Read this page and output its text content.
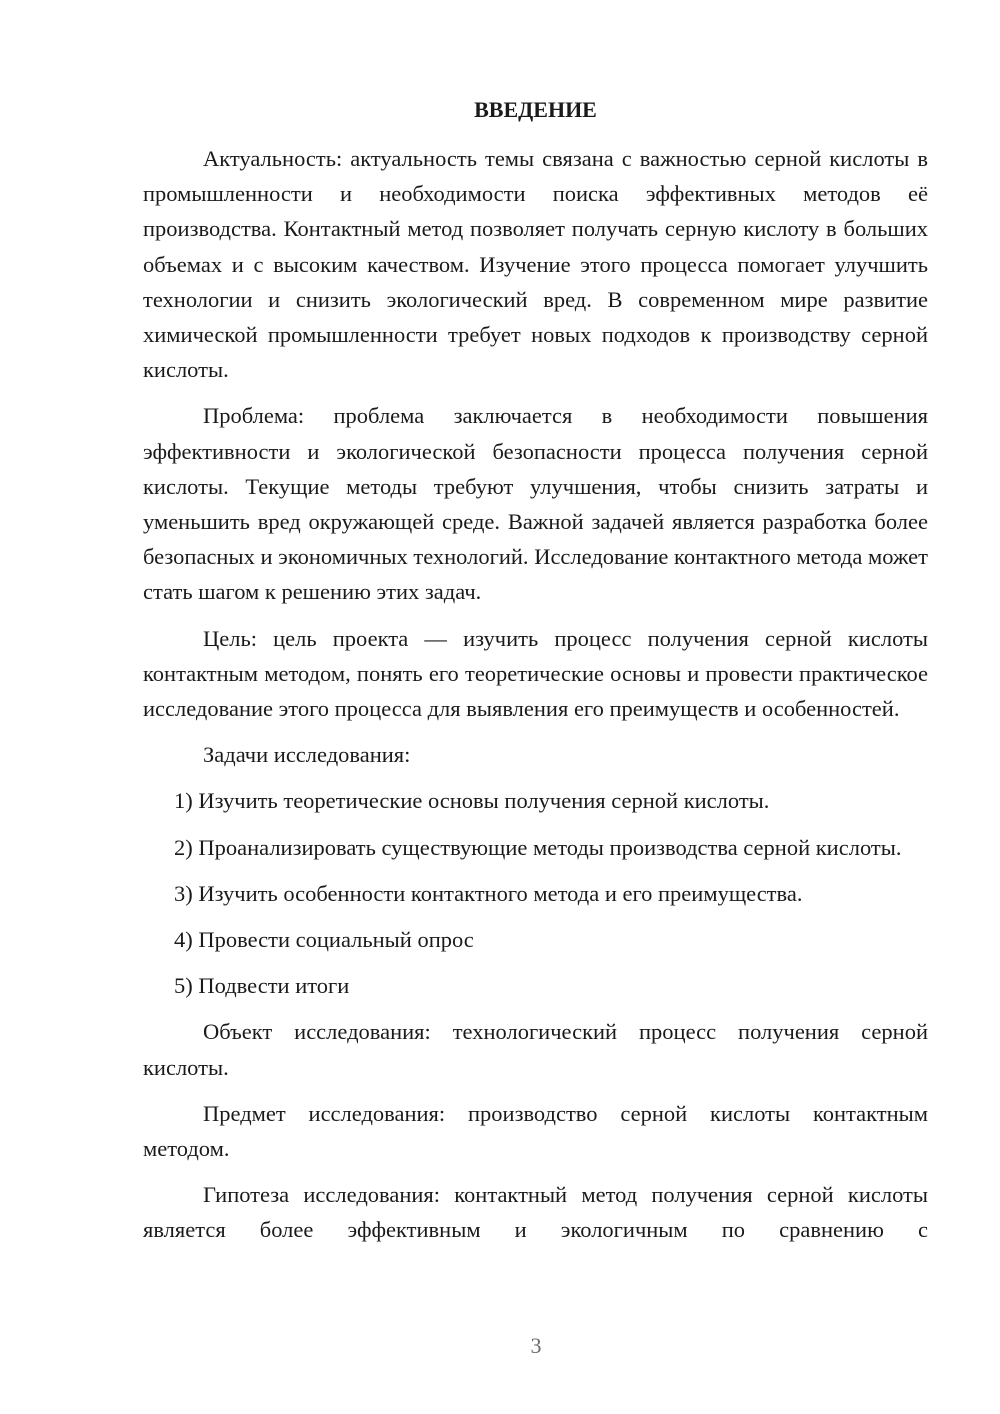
ВВЕДЕНИЕ

Актуальность: актуальность темы связана с важностью серной кислоты в промышленности и необходимости поиска эффективных методов её производства. Контактный метод позволяет получать серную кислоту в больших объемах и с высоким качеством. Изучение этого процесса помогает улучшить технологии и снизить экологический вред. В современном мире развитие химической промышленности требует новых подходов к производству серной кислоты.

Проблема: проблема заключается в необходимости повышения эффективности и экологической безопасности процесса получения серной кислоты. Текущие методы требуют улучшения, чтобы снизить затраты и уменьшить вред окружающей среде. Важной задачей является разработка более безопасных и экономичных технологий. Исследование контактного метода может стать шагом к решению этих задач.

Цель: цель проекта — изучить процесс получения серной кислоты контактным методом, понять его теоретические основы и провести практическое исследование этого процесса для выявления его преимуществ и особенностей.

Задачи исследования:

1) Изучить теоретические основы получения серной кислоты.

2) Проанализировать существующие методы производства серной кислоты.

3) Изучить особенности контактного метода и его преимущества.

4) Провести социальный опрос

5) Подвести итоги

Объект исследования: технологический процесс получения серной кислоты.

Предмет исследования: производство серной кислоты контактным методом.

Гипотеза исследования: контактный метод получения серной кислоты является более эффективным и экологичным по сравнению с

3
